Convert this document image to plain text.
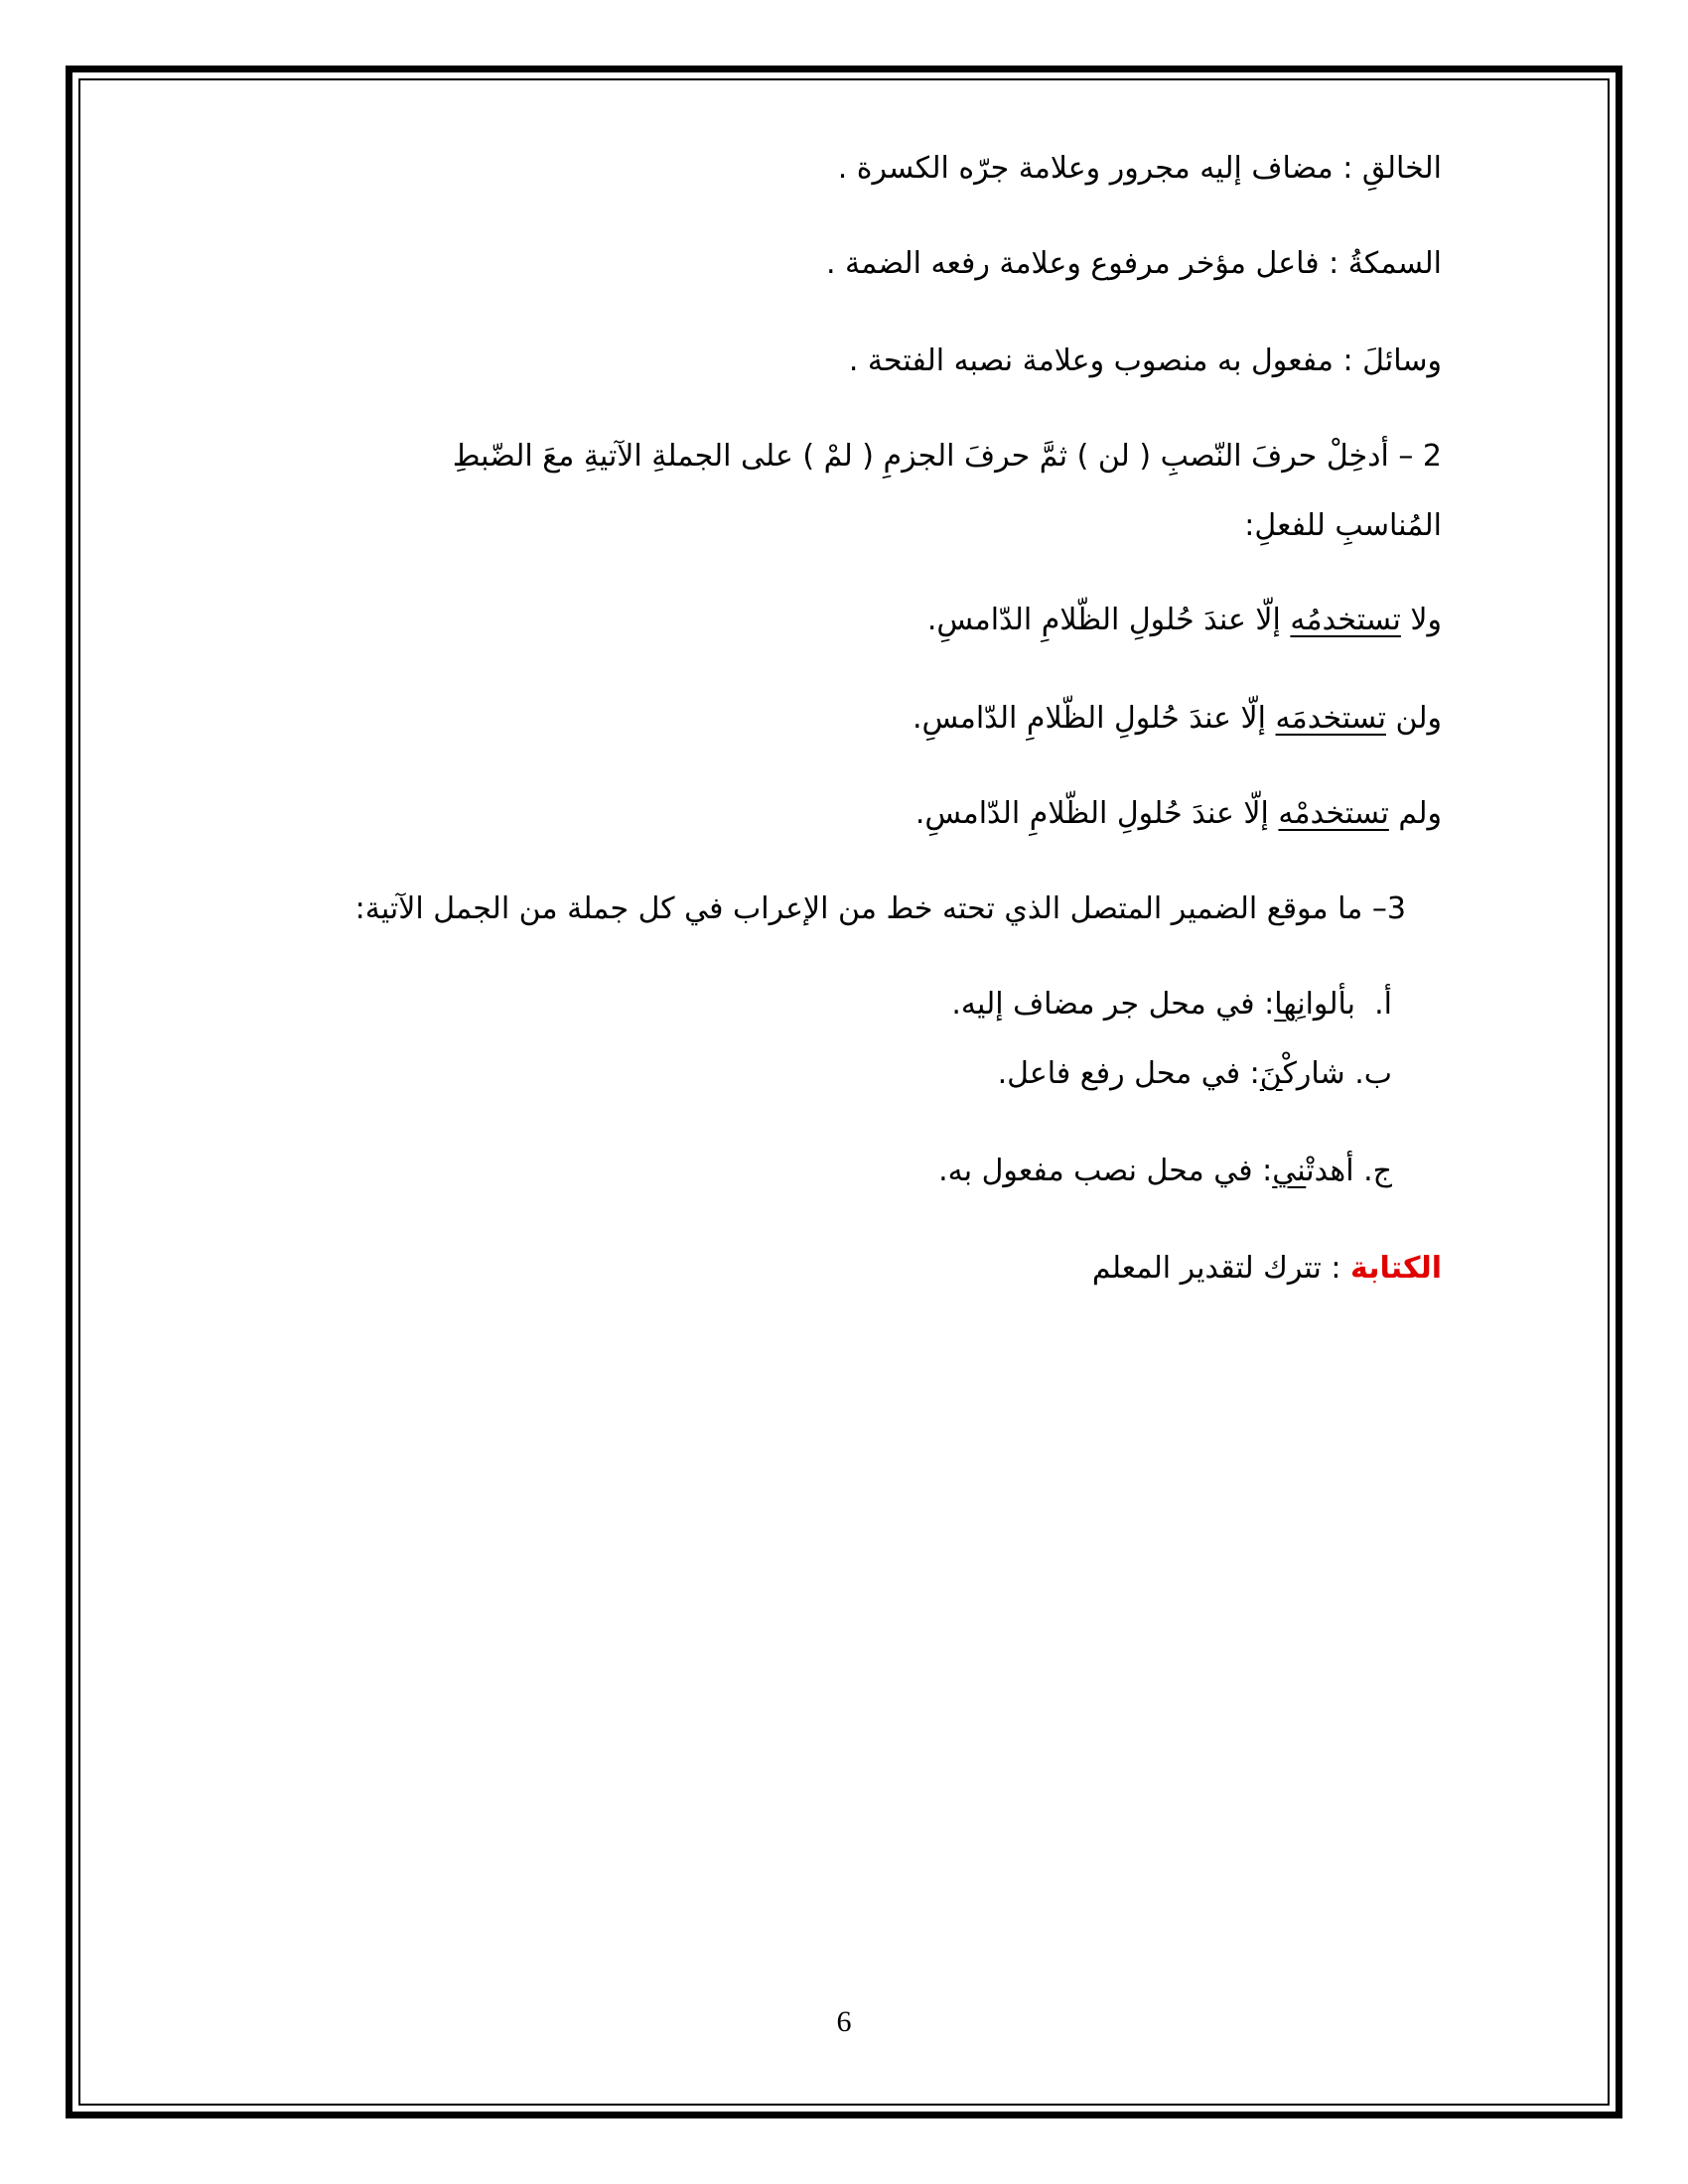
الخالقِ : مضاف إليه مجرور وعلامة جرّه الكسرة .
السمكةُ : فاعل مؤخر مرفوع وعلامة رفعه الضمة .
وسائلَ : مفعول به منصوب وعلامة نصبه الفتحة .
2 – أدخِلْ حرفَ النّصبِ ( لن ) ثمَّ حرفَ الجزمِ ( لمْ ) على الجملةِ الآتيةِ معَ الضّبطِ
المُناسبِ للفعلِ:
ولا تستخدمُه إلّا عندَ حُلولِ الظّلامِ الدّامسِ.
ولن تستخدمَه إلّا عندَ حُلولِ الظّلامِ الدّامسِ.
ولم تستخدمْه إلّا عندَ حُلولِ الظّلامِ الدّامسِ.
3– ما موقع الضمير المتصل الذي تحته خط من الإعراب في كل جملة من الجمل الآتية:
أ.  بألوانِها: في محل جر مضاف إليه.
ب. شاركْنَ: في محل رفع فاعل.
ج. أهدتْني: في محل نصب مفعول به.
الكتابة : تترك لتقدير المعلم
6
